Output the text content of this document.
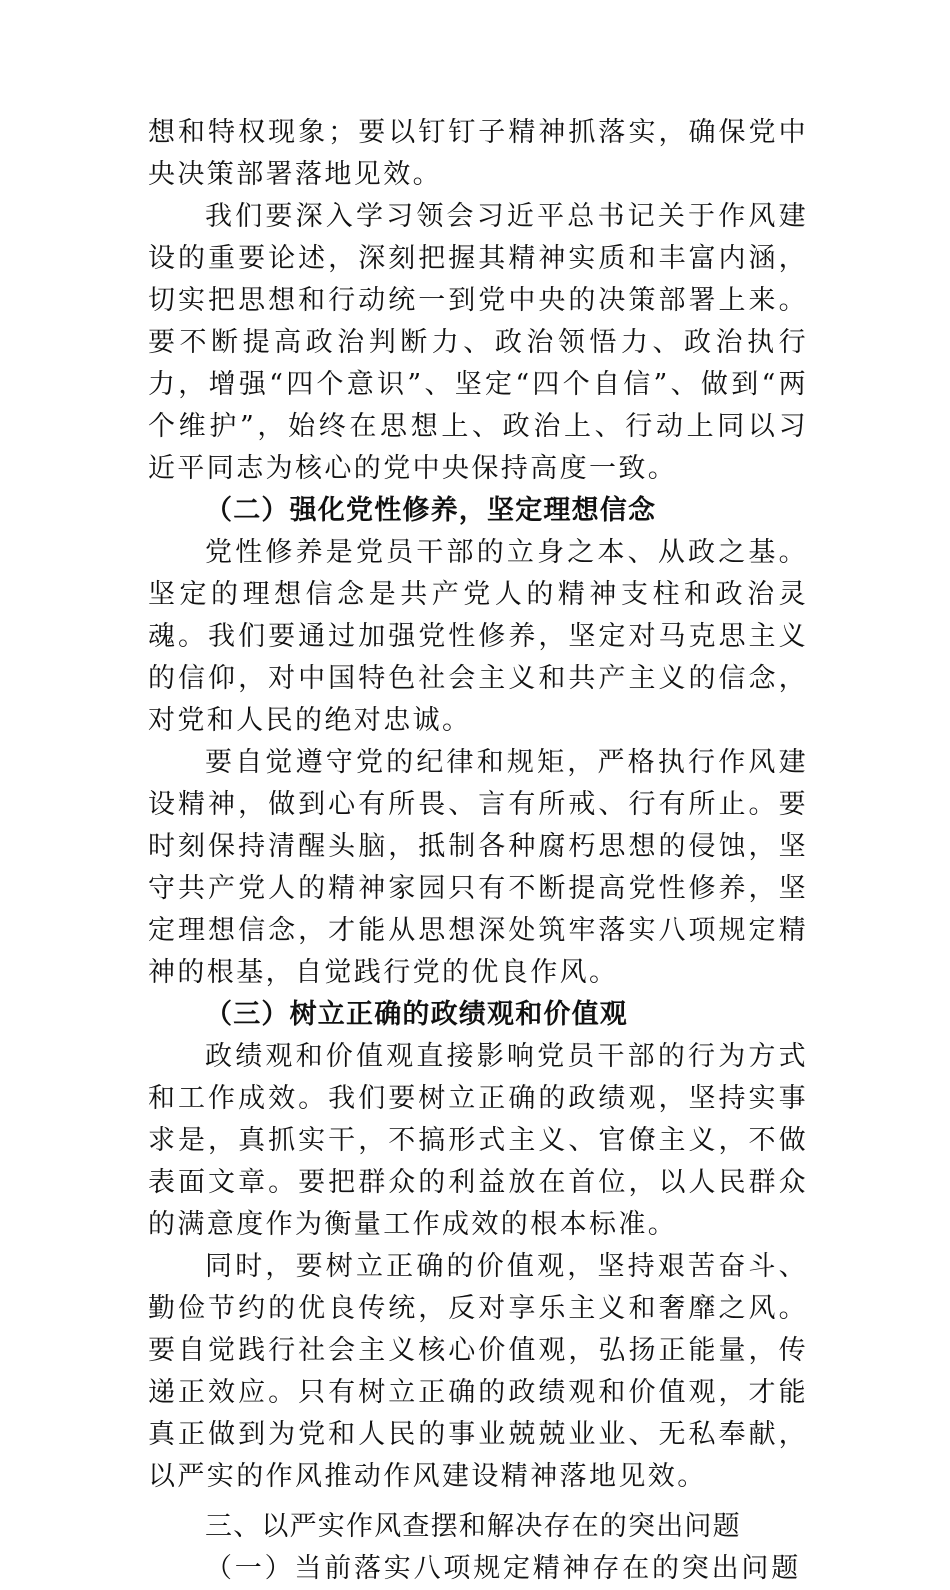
想和特权现象；要以钉钉子精神抓落实，确保党中央决策部署落地见效。

我们要深入学习领会习近平总书记关于作风建设的重要论述，深刻把握其精神实质和丰富内涵，切实把思想和行动统一到党中央的决策部署上来。要不断提高政治判断力、政治领悟力、政治执行力，增强“四个意识”、坚定“四个自信”、做到“两个维护”，始终在思想上、政治上、行动上同以习近平同志为核心的党中央保持高度一致。

（二）强化党性修养，坚定理想信念

党性修养是党员干部的立身之本、从政之基。坚定的理想信念是共产党人的精神支柱和政治灵魂。我们要通过加强党性修养，坚定对马克思主义的信仰，对中国特色社会主义和共产主义的信念，对党和人民的绝对忠诚。

要自觉遵守党的纪律和规矩，严格执行作风建设精神，做到心有所畏、言有所戒、行有所止。要时刻保持清醒头脑，抵制各种腐朽思想的侵蚀，坚守共产党人的精神家园只有不断提高党性修养，坚定理想信念，才能从思想深处筑牢落实八项规定精神的根基，自觉践行党的优良作风。

（三）树立正确的政绩观和价值观

政绩观和价值观直接影响党员干部的行为方式和工作成效。我们要树立正确的政绩观，坚持实事求是，真抓实干，不搞形式主义、官僚主义，不做表面文章。要把群众的利益放在首位，以人民群众的满意度作为衡量工作成效的根本标准。

同时，要树立正确的价值观，坚持艰苦奋斗、勤俭节约的优良传统，反对享乐主义和奢靡之风。要自觉践行社会主义核心价值观，弘扬正能量，传递正效应。只有树立正确的政绩观和价值观，才能真正做到为党和人民的事业兢兢业业、无私奉献，以严实的作风推动作风建设精神落地见效。

三、以严实作风查摆和解决存在的突出问题

（一）当前落实八项规定精神存在的突出问题
